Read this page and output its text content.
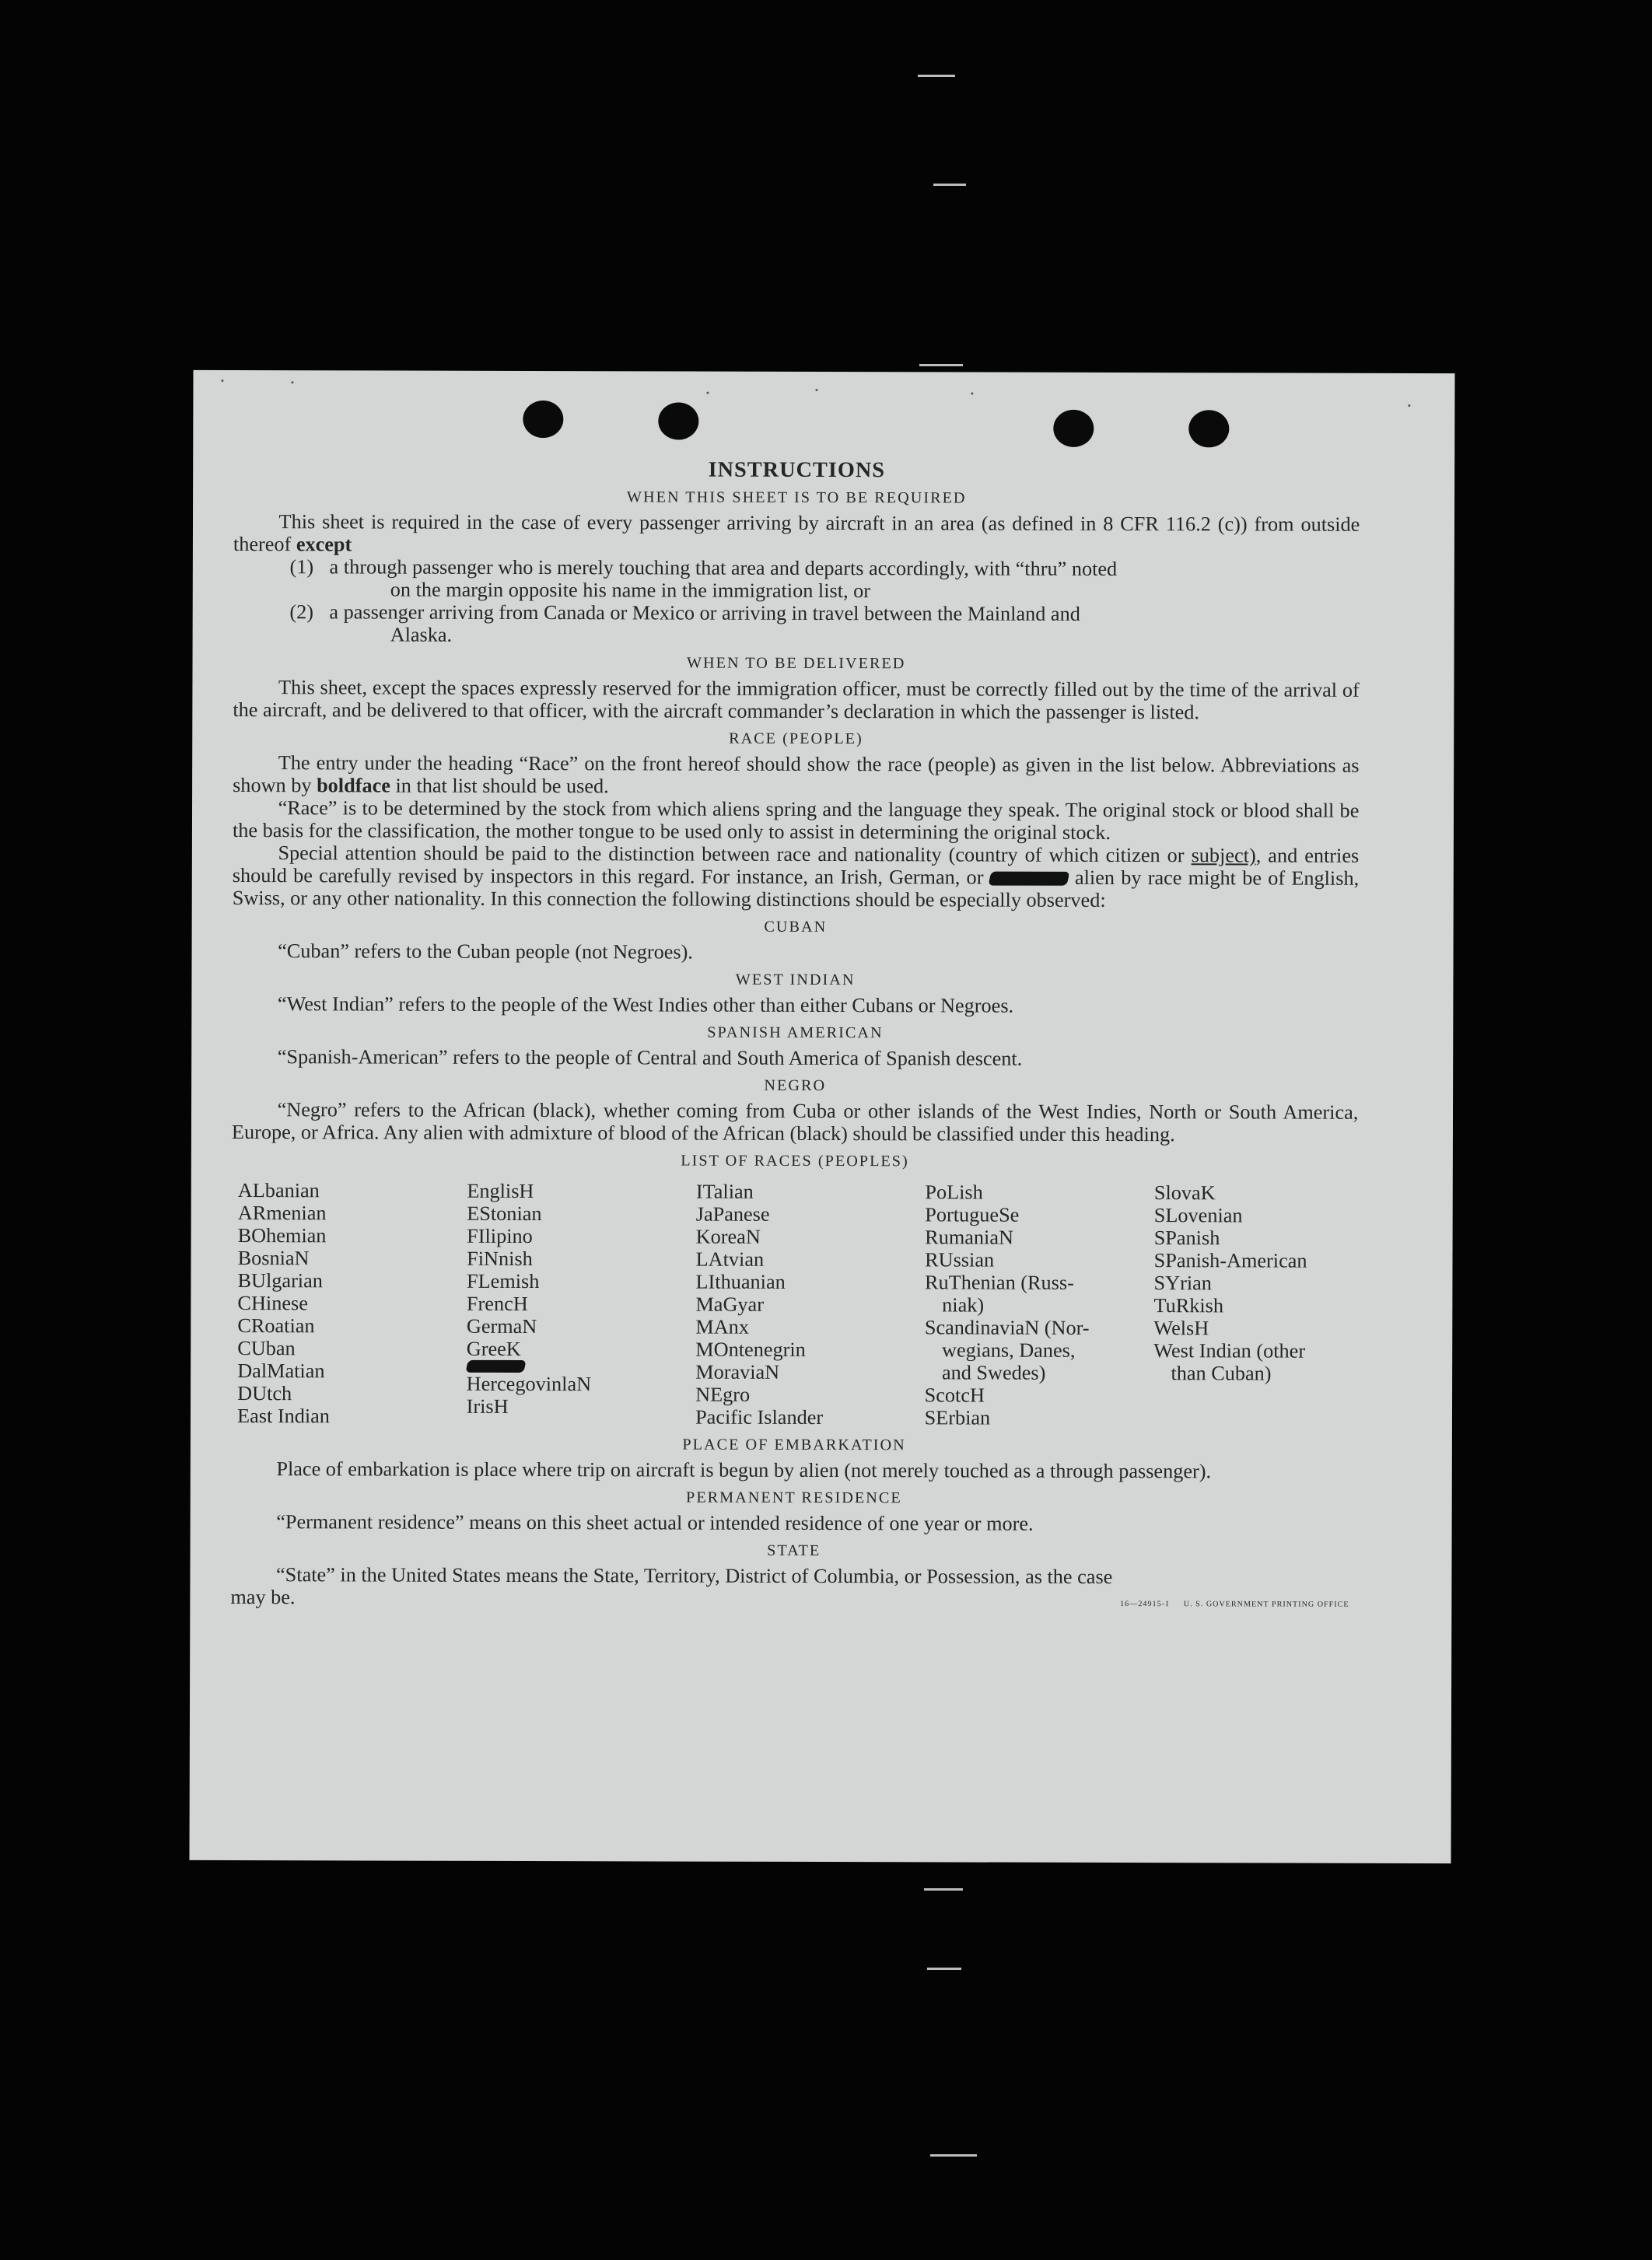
INSTRUCTIONS
WHEN THIS SHEET IS TO BE REQUIRED

This sheet is required in the case of every passenger arriving by aircraft in an area (as defined in 8 CFR 116.2 (c)) from outside thereof except

(1) a through passenger who is merely touching that area and departs accordingly, with “thru” noted

on the margin opposite his name in the immigration list, or

(2) a passenger arriving from Canada or Mexico or arriving in travel between the Mainland and

Alaska.

WHEN TO BE DELIVERED

This sheet, except the spaces expressly reserved for the immigration officer, must be correctly filled out by the time of the arrival of the aircraft, and be delivered to that officer, with the aircraft commander’s declaration in which the passenger is listed.

RACE (PEOPLE)

The entry under the heading “Race” on the front hereof should show the race (people) as given in the list below. Abbreviations as shown by boldface in that list should be used.

“Race” is to be determined by the stock from which aliens spring and the language they speak. The original stock or blood shall be the basis for the classification, the mother tongue to be used only to assist in determining the original stock.

Special attention should be paid to the distinction between race and nationality (country of which citizen or subject), and entries should be carefully revised by inspectors in this regard. For instance, an Irish, German, or	alien by race might be of English, Swiss, or any other nationality. In this connection the following distinctions should be especially observed:

CUBAN

“Cuban” refers to the Cuban people (not Negroes).

WEST INDIAN

“West Indian” refers to the people of the West Indies other than either Cubans or Negroes.

SPANISH AMERICAN

“Spanish-American” refers to the people of Central and South America of Spanish descent.

NEGRO

“Negro” refers to the African (black), whether coming from Cuba or other islands of the West Indies, North or South America, Europe, or Africa. Any alien with admixture of blood of the African (black) should be classified under this heading.

LIST OF RACES (PEOPLES)
ALbanian
ARmenian
BOhemian
BosniaN
BUlgarian
CHinese
CRoatian
CUban
DalMatian
DUtch
East Indian
EnglisH
EStonian
FIlipino
FiNnish
FLemish
FrencH
GermaN
GreeK
HercegovinlaN
IrisH
ITalian
JaPanese
KoreaN
LAtvian
LIthuanian
MaGyar
MAnx
MOntenegrin
MoraviaN
NEgro
Pacific Islander
PoLish
PortugueSe
RumaniaN
RUssian
RuThenian (Russ-
niak)
ScandinaviaN (Nor-
wegians, Danes,
and Swedes)
ScotcH
SErbian
SlovaK
SLovenian
SPanish
SPanish-American
SYrian
TuRkish
WelsH
West Indian (other
than Cuban)
PLACE OF EMBARKATION

Place of embarkation is place where trip on aircraft is begun by alien (not merely touched as a through passenger).

PERMANENT RESIDENCE

“Permanent residence” means on this sheet actual or intended residence of one year or more.

STATE

“State” in the United States means the State, Territory, District of Columbia, or Possession, as the case

may be.	16—24915-1 U. S. GOVERNMENT PRINTING OFFICE
